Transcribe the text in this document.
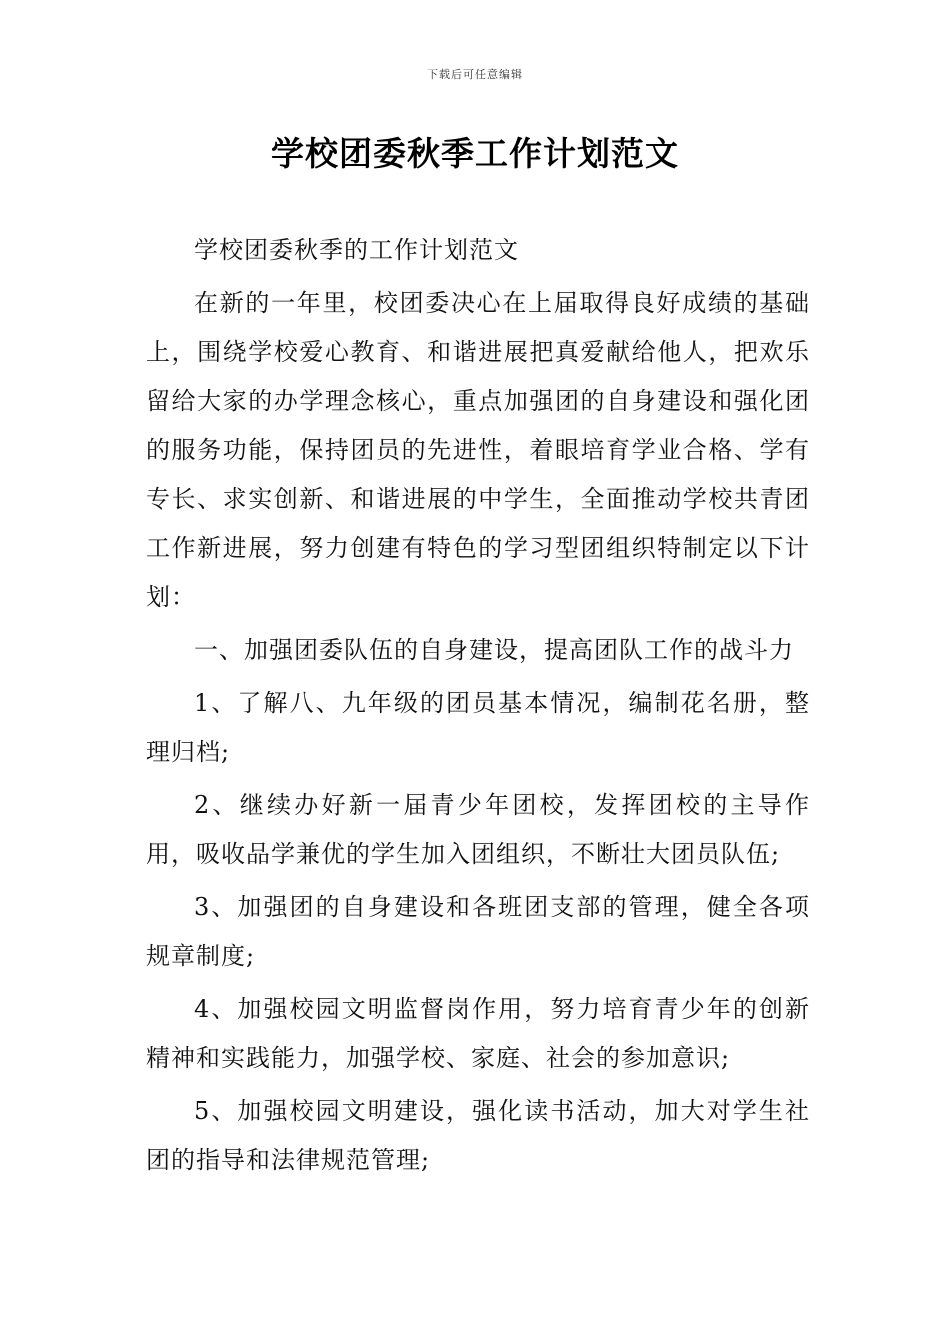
下载后可任意编辑
学校团委秋季工作计划范文

学校团委秋季的工作计划范文

在新的一年里，校团委决心在上届取得良好成绩的基础上，围绕学校爱心教育、和谐进展把真爱献给他人，把欢乐留给大家的办学理念核心，重点加强团的自身建设和强化团的服务功能，保持团员的先进性，着眼培育学业合格、学有专长、求实创新、和谐进展的中学生，全面推动学校共青团工作新进展，努力创建有特色的学习型团组织特制定以下计划：

一、加强团委队伍的自身建设，提高团队工作的战斗力

1、了解八、九年级的团员基本情况，编制花名册，整理归档;

2、继续办好新一届青少年团校，发挥团校的主导作用，吸收品学兼优的学生加入团组织，不断壮大团员队伍;

3、加强团的自身建设和各班团支部的管理，健全各项规章制度;

4、加强校园文明监督岗作用，努力培育青少年的创新精神和实践能力，加强学校、家庭、社会的参加意识;

5、加强校园文明建设，强化读书活动，加大对学生社团的指导和法律规范管理;
